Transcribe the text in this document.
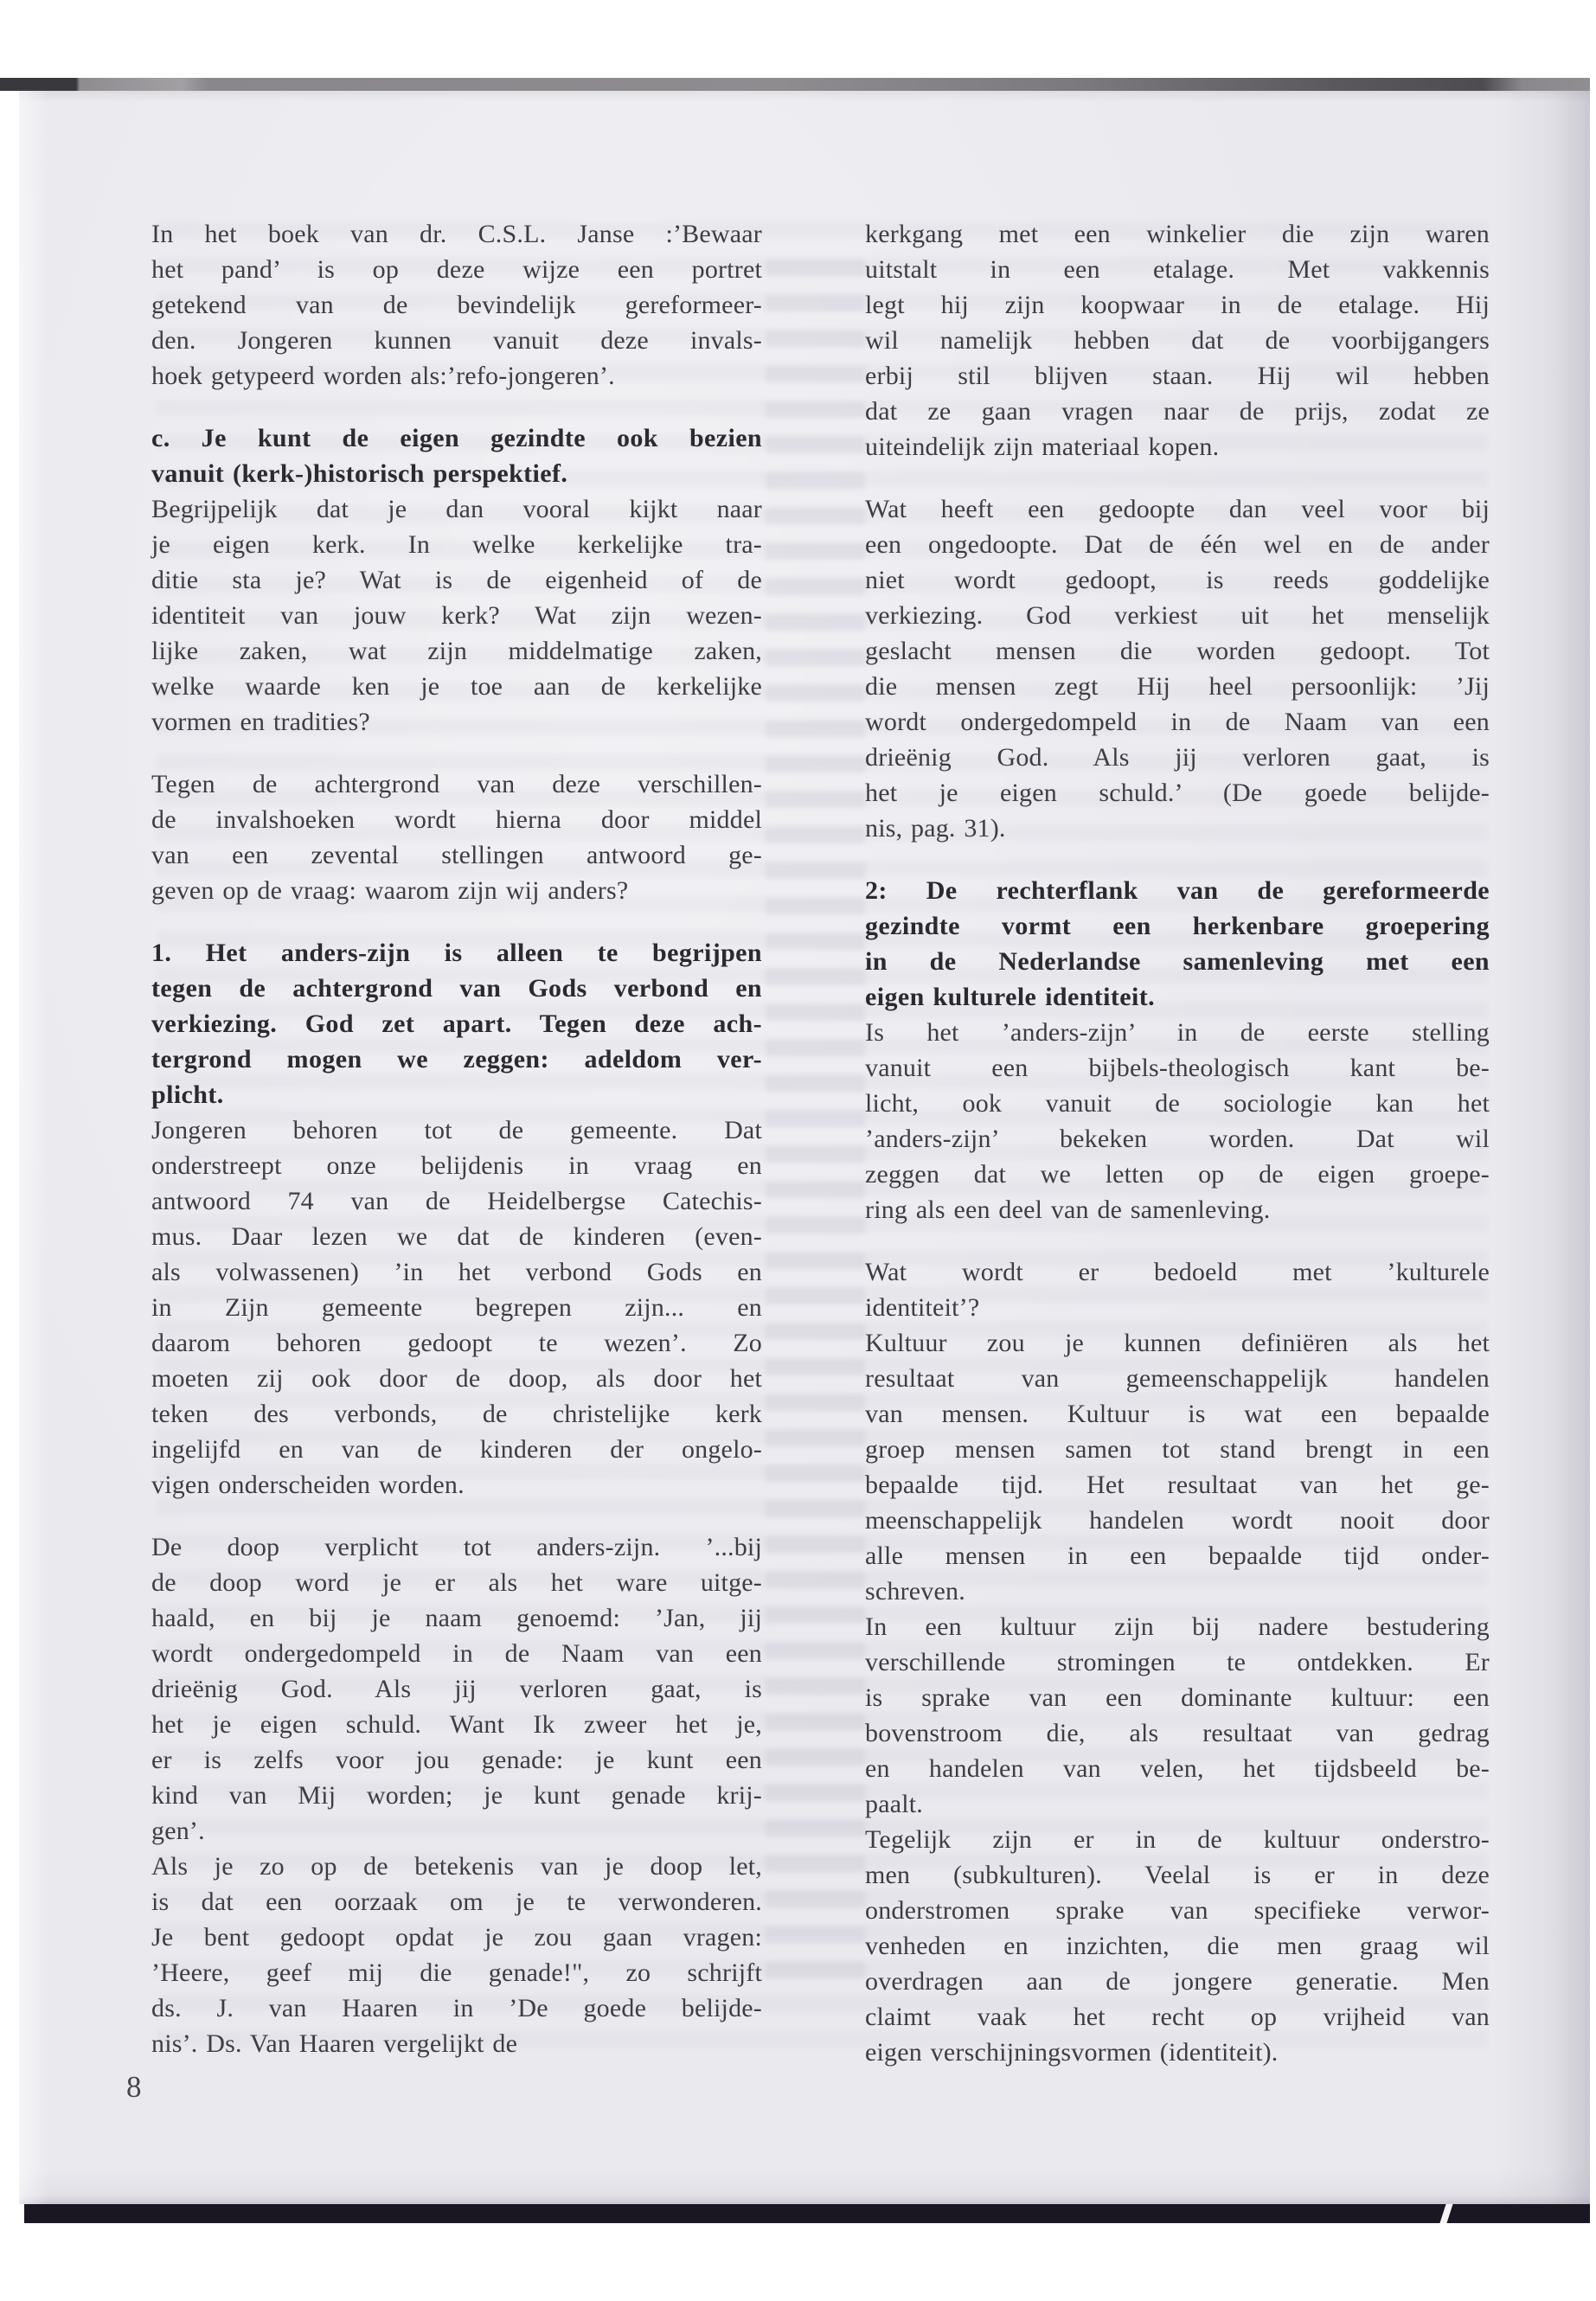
In het boek van dr. C.S.L. Janse :’Bewaar
het pand’ is op deze wijze een portret
getekend van de bevindelijk gereformeer-
den. Jongeren kunnen vanuit deze invals-
hoek getypeerd worden als:’refo-jongeren’.
c. Je kunt de eigen gezindte ook bezien
vanuit (kerk-)historisch perspektief.
Begrijpelijk dat je dan vooral kijkt naar
je eigen kerk. In welke kerkelijke tra-
ditie sta je? Wat is de eigenheid of de
identiteit van jouw kerk? Wat zijn wezen-
lijke zaken, wat zijn middelmatige zaken,
welke waarde ken je toe aan de kerkelijke
vormen en tradities?
Tegen de achtergrond van deze verschillen-
de invalshoeken wordt hierna door middel
van een zevental stellingen antwoord ge-
geven op de vraag: waarom zijn wij anders?
1. Het anders-zijn is alleen te begrijpen
tegen de achtergrond van Gods verbond en
verkiezing. God zet apart. Tegen deze ach-
tergrond mogen we zeggen: adeldom ver-
plicht.
Jongeren behoren tot de gemeente. Dat
onderstreept onze belijdenis in vraag en
antwoord 74 van de Heidelbergse Catechis-
mus. Daar lezen we dat de kinderen (even-
als volwassenen) ’in het verbond Gods en
in Zijn gemeente begrepen zijn... en
daarom behoren gedoopt te wezen’. Zo
moeten zij ook door de doop, als door het
teken des verbonds, de christelijke kerk
ingelijfd en van de kinderen der ongelo-
vigen onderscheiden worden.
De doop verplicht tot anders-zijn. ’...bij
de doop word je er als het ware uitge-
haald, en bij je naam genoemd: ’Jan, jij
wordt ondergedompeld in de Naam van een
drieënig God. Als jij verloren gaat, is
het je eigen schuld. Want Ik zweer het je,
er is zelfs voor jou genade: je kunt een
kind van Mij worden; je kunt genade krij-
gen’.
Als je zo op de betekenis van je doop let,
is dat een oorzaak om je te verwonderen.
Je bent gedoopt opdat je zou gaan vragen:
’Heere, geef mij die genade!", zo schrijft
ds. J. van Haaren in ’De goede belijde-
nis’. Ds. Van Haaren vergelijkt de
kerkgang met een winkelier die zijn waren
uitstalt in een etalage. Met vakkennis
legt hij zijn koopwaar in de etalage. Hij
wil namelijk hebben dat de voorbijgangers
erbij stil blijven staan. Hij wil hebben
dat ze gaan vragen naar de prijs, zodat ze
uiteindelijk zijn materiaal kopen.
Wat heeft een gedoopte dan veel voor bij
een ongedoopte. Dat de één wel en de ander
niet wordt gedoopt, is reeds goddelijke
verkiezing. God verkiest uit het menselijk
geslacht mensen die worden gedoopt. Tot
die mensen zegt Hij heel persoonlijk: ’Jij
wordt ondergedompeld in de Naam van een
drieënig God. Als jij verloren gaat, is
het je eigen schuld.’ (De goede belijde-
nis, pag. 31).
2: De rechterflank van de gereformeerde
gezindte vormt een herkenbare groepering
in de Nederlandse samenleving met een
eigen kulturele identiteit.
Is het ’anders-zijn’ in de eerste stelling
vanuit een bijbels-theologisch kant be-
licht, ook vanuit de sociologie kan het
’anders-zijn’ bekeken worden. Dat wil
zeggen dat we letten op de eigen groepe-
ring als een deel van de samenleving.
Wat wordt er bedoeld met ’kulturele
identiteit’?
Kultuur zou je kunnen definiëren als het
resultaat van gemeenschappelijk handelen
van mensen. Kultuur is wat een bepaalde
groep mensen samen tot stand brengt in een
bepaalde tijd. Het resultaat van het ge-
meenschappelijk handelen wordt nooit door
alle mensen in een bepaalde tijd onder-
schreven.
In een kultuur zijn bij nadere bestudering
verschillende stromingen te ontdekken. Er
is sprake van een dominante kultuur: een
bovenstroom die, als resultaat van gedrag
en handelen van velen, het tijdsbeeld be-
paalt.
Tegelijk zijn er in de kultuur onderstro-
men (subkulturen). Veelal is er in deze
onderstromen sprake van specifieke verwor-
venheden en inzichten, die men graag wil
overdragen aan de jongere generatie. Men
claimt vaak het recht op vrijheid van
eigen verschijningsvormen (identiteit).
8
